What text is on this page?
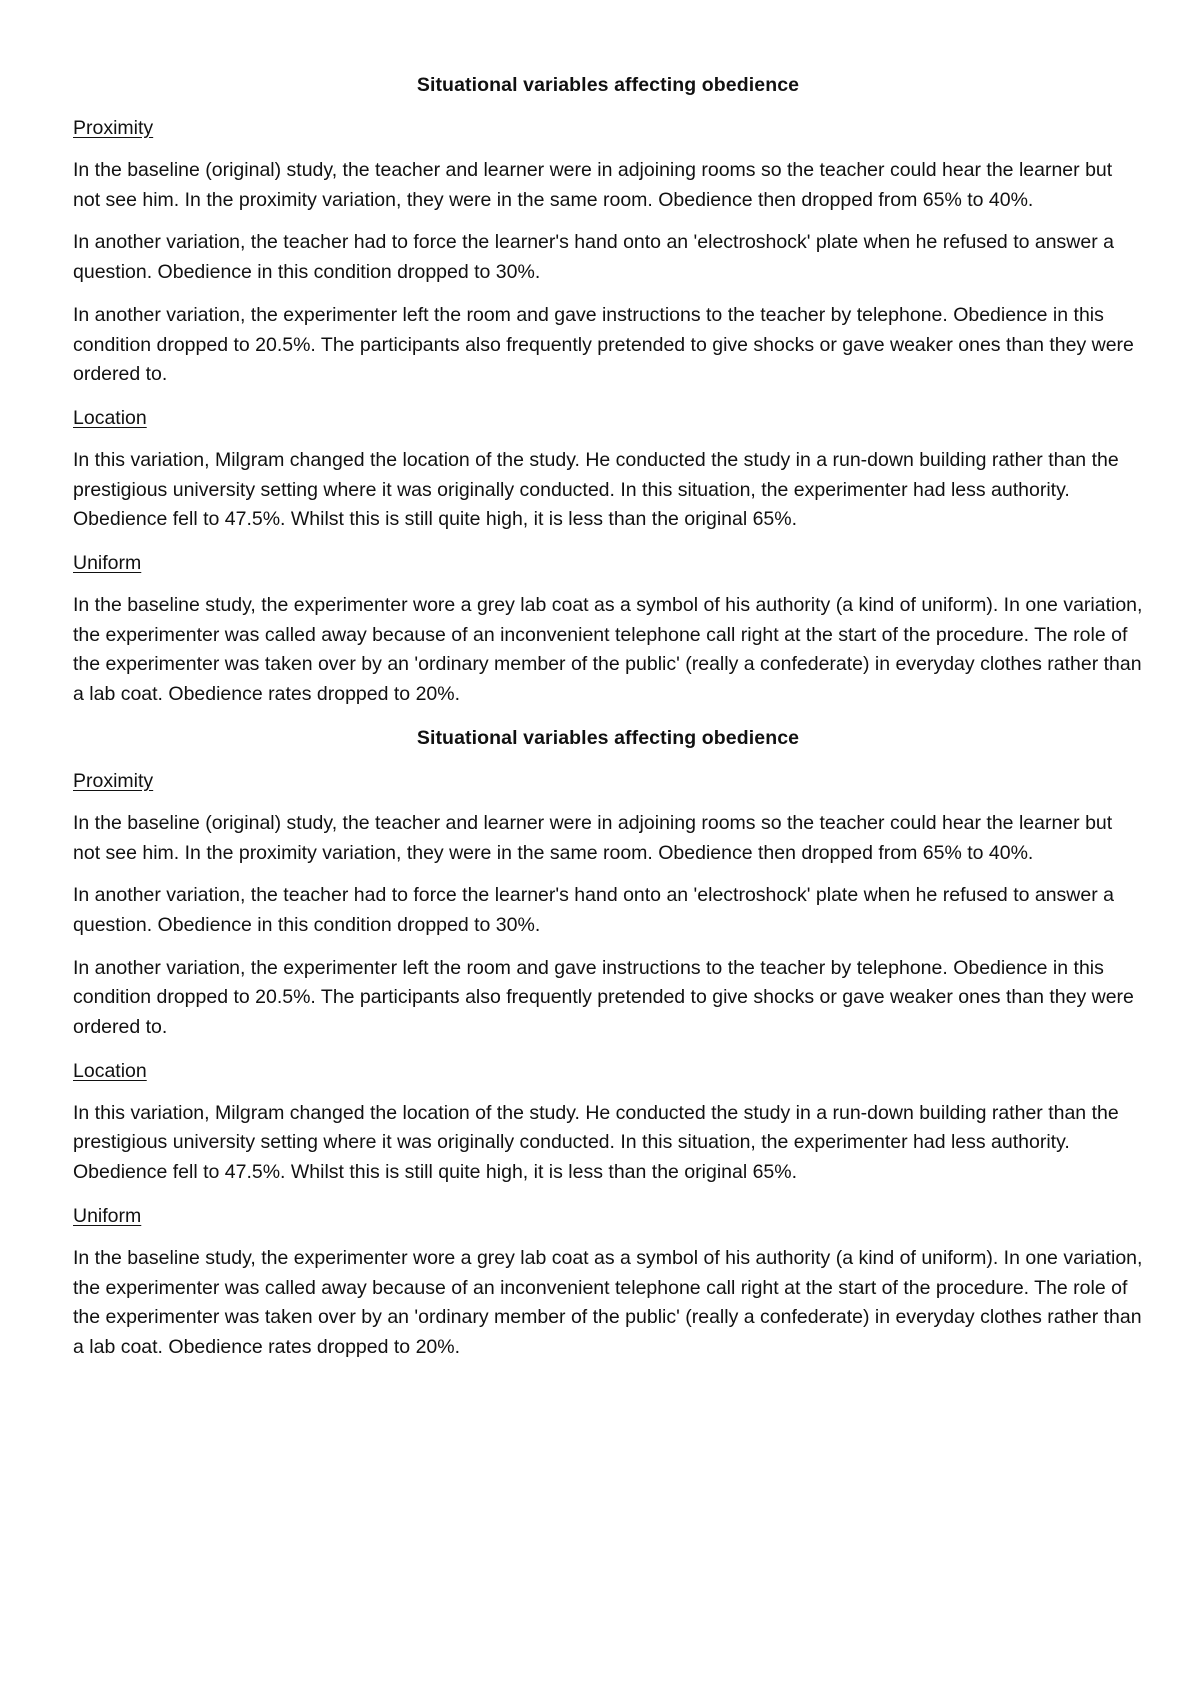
Situational variables affecting obedience
Proximity

In the baseline (original) study, the teacher and learner were in adjoining rooms so the teacher could hear the learner but not see him. In the proximity variation, they were in the same room. Obedience then dropped from 65% to 40%.

In another variation, the teacher had to force the learner's hand onto an 'electroshock' plate when he refused to answer a question. Obedience in this condition dropped to 30%.

In another variation, the experimenter left the room and gave instructions to the teacher by telephone. Obedience in this condition dropped to 20.5%. The participants also frequently pretended to give shocks or gave weaker ones than they were ordered to.

Location

In this variation, Milgram changed the location of the study. He conducted the study in a run-down building rather than the prestigious university setting where it was originally conducted. In this situation, the experimenter had less authority. Obedience fell to 47.5%. Whilst this is still quite high, it is less than the original 65%.

Uniform

In the baseline study, the experimenter wore a grey lab coat as a symbol of his authority (a kind of uniform). In one variation, the experimenter was called away because of an inconvenient telephone call right at the start of the procedure. The role of the experimenter was taken over by an 'ordinary member of the public' (really a confederate) in everyday clothes rather than a lab coat. Obedience rates dropped to 20%.

Situational variables affecting obedience
Proximity

In the baseline (original) study, the teacher and learner were in adjoining rooms so the teacher could hear the learner but not see him. In the proximity variation, they were in the same room. Obedience then dropped from 65% to 40%.

In another variation, the teacher had to force the learner's hand onto an 'electroshock' plate when he refused to answer a question. Obedience in this condition dropped to 30%.

In another variation, the experimenter left the room and gave instructions to the teacher by telephone. Obedience in this condition dropped to 20.5%. The participants also frequently pretended to give shocks or gave weaker ones than they were ordered to.

Location

In this variation, Milgram changed the location of the study. He conducted the study in a run-down building rather than the prestigious university setting where it was originally conducted. In this situation, the experimenter had less authority. Obedience fell to 47.5%. Whilst this is still quite high, it is less than the original 65%.

Uniform

In the baseline study, the experimenter wore a grey lab coat as a symbol of his authority (a kind of uniform). In one variation, the experimenter was called away because of an inconvenient telephone call right at the start of the procedure. The role of the experimenter was taken over by an 'ordinary member of the public' (really a confederate) in everyday clothes rather than a lab coat. Obedience rates dropped to 20%.
